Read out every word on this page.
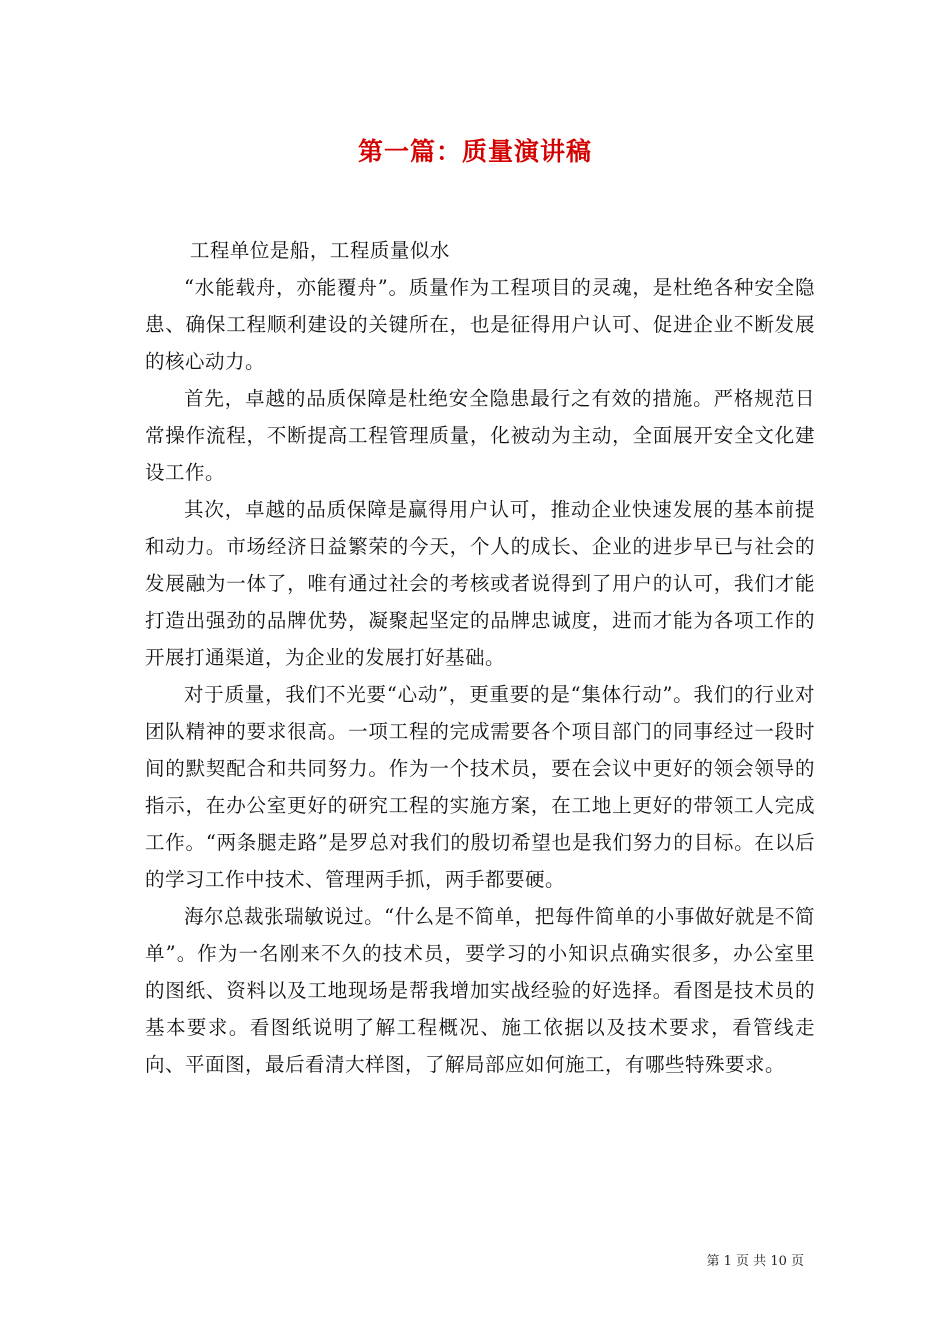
第一篇：质量演讲稿

工程单位是船，工程质量似水

“水能载舟，亦能覆舟”。质量作为工程项目的灵魂，是杜绝各种安全隐患、确保工程顺利建设的关键所在，也是征得用户认可、促进企业不断发展的核心动力。

首先，卓越的品质保障是杜绝安全隐患最行之有效的措施。严格规范日常操作流程，不断提高工程管理质量，化被动为主动，全面展开安全文化建设工作。

其次，卓越的品质保障是赢得用户认可，推动企业快速发展的基本前提和动力。市场经济日益繁荣的今天，个人的成长、企业的进步早已与社会的发展融为一体了，唯有通过社会的考核或者说得到了用户的认可，我们才能打造出强劲的品牌优势，凝聚起坚定的品牌忠诚度，进而才能为各项工作的开展打通渠道，为企业的发展打好基础。

对于质量，我们不光要“心动”，更重要的是“集体行动”。我们的行业对团队精神的要求很高。一项工程的完成需要各个项目部门的同事经过一段时间的默契配合和共同努力。作为一个技术员，要在会议中更好的领会领导的指示，在办公室更好的研究工程的实施方案，在工地上更好的带领工人完成工作。“两条腿走路”是罗总对我们的殷切希望也是我们努力的目标。在以后的学习工作中技术、管理两手抓，两手都要硬。

海尔总裁张瑞敏说过。“什么是不简单，把每件简单的小事做好就是不简单”。作为一名刚来不久的技术员，要学习的小知识点确实很多，办公室里的图纸、资料以及工地现场是帮我增加实战经验的好选择。看图是技术员的基本要求。看图纸说明了解工程概况、施工依据以及技术要求，看管线走向、平面图，最后看清大样图，了解局部应如何施工，有哪些特殊要求。

第 1 页 共 10 页
